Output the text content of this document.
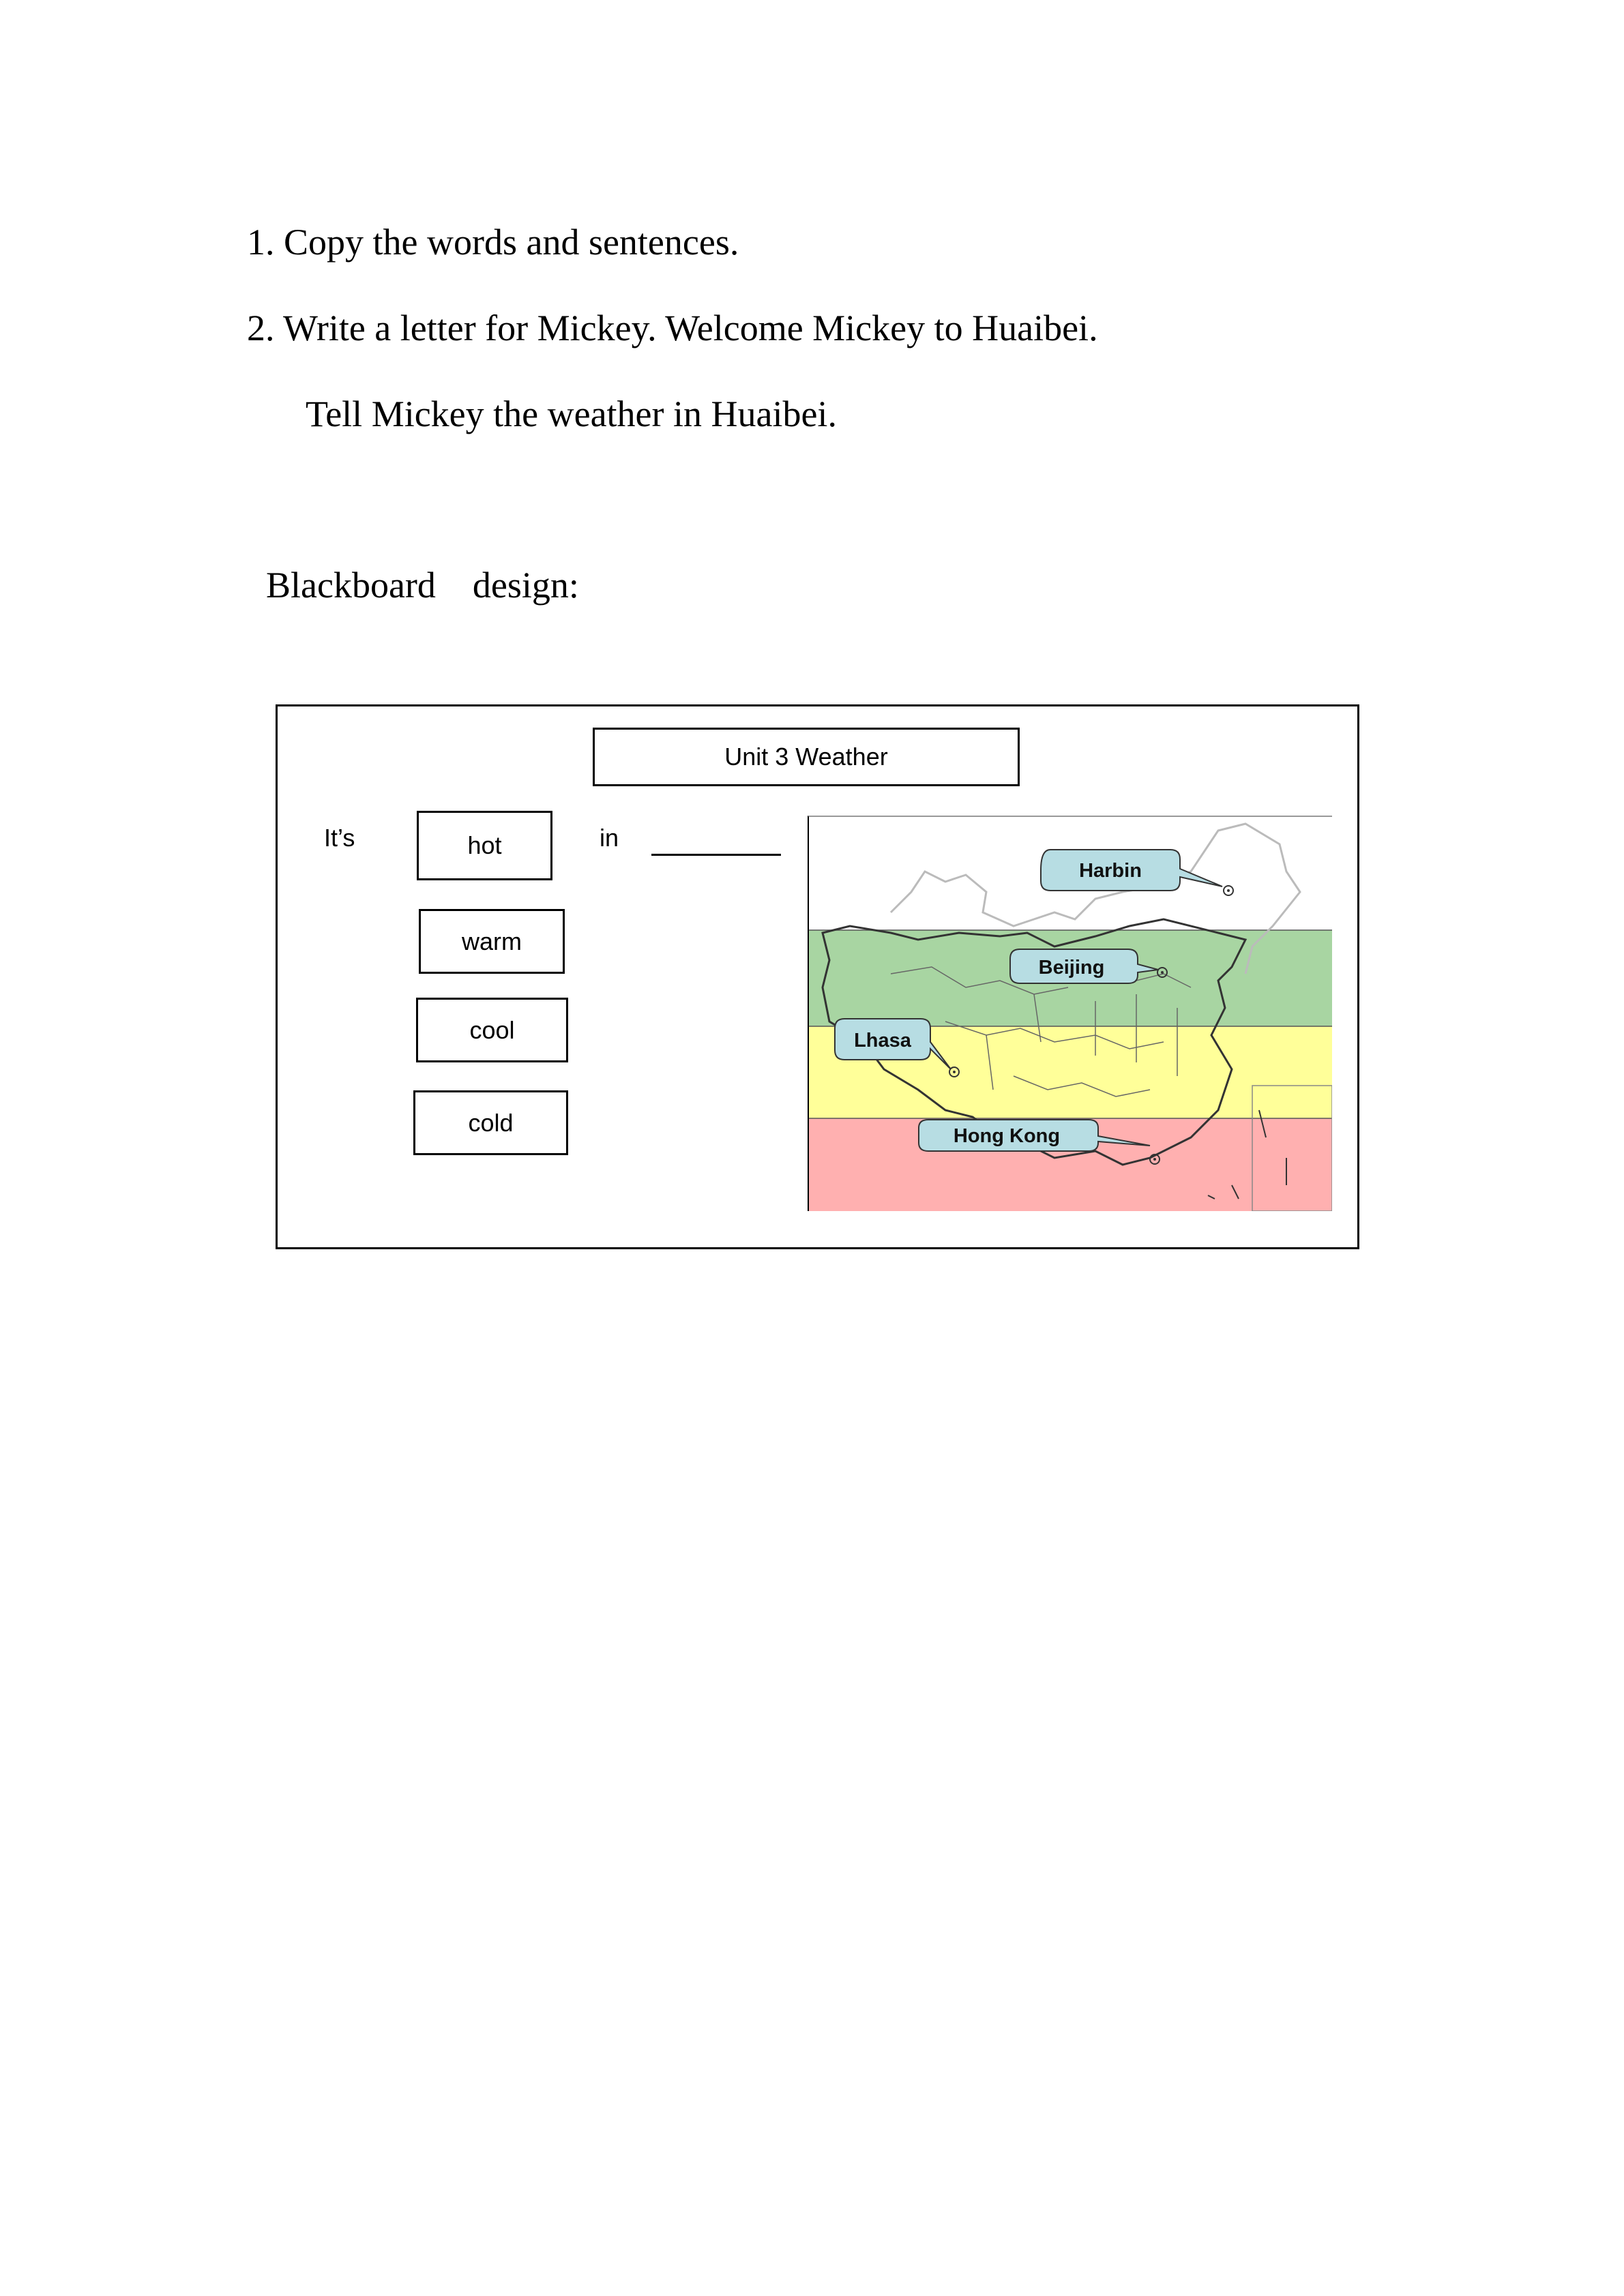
1. Copy the words and sentences.
2. Write a letter for Mickey. Welcome Mickey to Huaibei.
Tell Mickey the weather in Huaibei.
Blackboard    design:
Unit 3 Weather
It’s	in
hot
warm
cool
cold
Harbin
Beijing
Lhasa
Hong Kong
